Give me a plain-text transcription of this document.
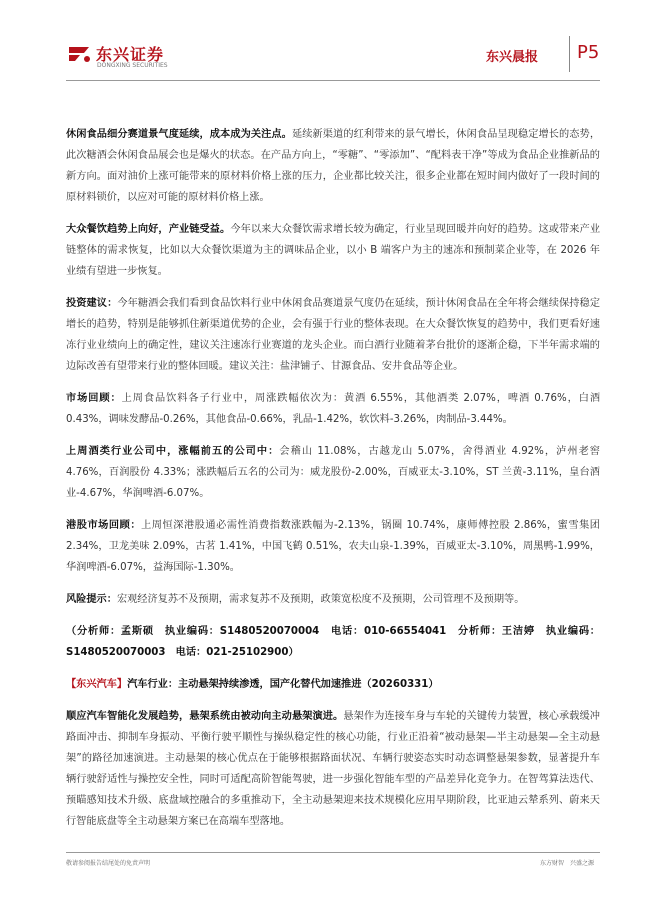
东兴证券
DONGXING SECURITIES
东兴晨报 P5

休闲食品细分赛道景气度延续，成本成为关注点。延续新渠道的红利带来的景气增长，休闲食品呈现稳定增长的态势，此次糖酒会休闲食品展会也是爆火的状态。在产品方向上，“零糖”、“零添加”、“配料表干净”等成为食品企业推新品的新方向。面对油价上涨可能带来的原材料价格上涨的压力，企业都比较关注，很多企业都在短时间内做好了一段时间的原材料锁价，以应对可能的原材料价格上涨。

大众餐饮趋势上向好，产业链受益。今年以来大众餐饮需求增长较为确定，行业呈现回暖并向好的趋势。这或带来产业链整体的需求恢复，比如以大众餐饮渠道为主的调味品企业，以小 B 端客户为主的速冻和预制菜企业等，在 2026 年业绩有望进一步恢复。

投资建议：今年糖酒会我们看到食品饮料行业中休闲食品赛道景气度仍在延续，预计休闲食品在全年将会继续保持稳定增长的趋势，特别是能够抓住新渠道优势的企业，会有强于行业的整体表现。在大众餐饮恢复的趋势中，我们更看好速冻行业业绩向上的确定性，建议关注速冻行业赛道的龙头企业。而白酒行业随着茅台批价的逐渐企稳，下半年需求端的边际改善有望带来行业的整体回暖。建议关注：盐津铺子、甘源食品、安井食品等企业。

市场回顾：上周食品饮料各子行业中，周涨跌幅依次为：黄酒 6.55%，其他酒类 2.07%，啤酒 0.76%，白酒 0.43%，调味发酵品-0.26%，其他食品-0.66%，乳品-1.42%，软饮料-3.26%，肉制品-3.44%。

上周酒类行业公司中，涨幅前五的公司中：会稽山 11.08%，古越龙山 5.07%，舍得酒业 4.92%，泸州老窖 4.76%，百润股份 4.33%；涨跌幅后五名的公司为：威龙股份-2.00%，百威亚太-3.10%，ST 兰黄-3.11%，皇台酒业-4.67%，华润啤酒-6.07%。

港股市场回顾：上周恒深港股通必需性消费指数涨跌幅为-2.13%，锅圈 10.74%，康师傅控股 2.86%，蜜雪集团 2.34%，卫龙美味 2.09%，古茗 1.41%，中国飞鹤 0.51%，农夫山泉-1.39%，百威亚太-3.10%，周黑鸭-1.99%，华润啤酒-6.07%，益海国际-1.30%。

风险提示：宏观经济复苏不及预期，需求复苏不及预期，政策宽松度不及预期，公司管理不及预期等。

（分析师：孟斯硕　执业编码：S1480520070004　电话：010-66554041　分析师：王洁婷　执业编码：S1480520070003　电话：021-25102900）

【东兴汽车】汽车行业：主动悬架持续渗透，国产化替代加速推进（20260331）

顺应汽车智能化发展趋势，悬架系统由被动向主动悬架演进。悬架作为连接车身与车轮的关键传力装置，核心承载缓冲路面冲击、抑制车身振动、平衡行驶平顺性与操纵稳定性的核心功能，行业正沿着“被动悬架—半主动悬架—全主动悬架”的路径加速演进。主动悬架的核心优点在于能够根据路面状况、车辆行驶姿态实时动态调整悬架参数，显著提升车辆行驶舒适性与操控安全性，同时可适配高阶智能驾驶，进一步强化智能车型的产品差异化竞争力。在智驾算法迭代、预瞄感知技术升级、底盘域控融合的多重推动下，全主动悬架迎来技术规模化应用早期阶段，比亚迪云辇系列、蔚来天行智能底盘等全主动悬架方案已在高端车型落地。

敬请参阅报告结尾处的免责声明	东方财智　兴盛之源
